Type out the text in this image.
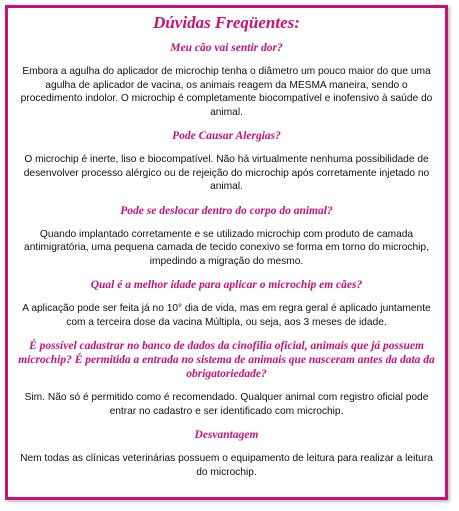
Dúvidas Freqüentes:
Meu cão vai sentir dor?
Embora a agulha do aplicador de microchip tenha o diâmetro um pouco maior do que uma agulha de aplicador de vacina, os animais reagem da MESMA maneira, sendo o procedimento indolor. O microchip é completamente biocompatível e inofensivo à saúde do animal.
Pode Causar Alergias?
O microchip é inerte, liso e biocompatível. Não há virtualmente nenhuma possibilidade de desenvolver processo alérgico ou de rejeição do microchip após corretamente injetado no animal.
Pode se deslocar dentro do corpo do animal?
Quando implantado corretamente e se utilizado microchip com produto de camada antimigratória, uma pequena camada de tecido conexivo se forma em torno do microchip, impedindo a migração do mesmo.
Qual é a melhor idade para aplicar o microchip em cães?
A aplicação pode ser feita já no 10° dia de vida, mas em regra geral é aplicado juntamente com a terceira dose da vacina Múltipla, ou seja, aos 3 meses de idade.
É possível cadastrar no banco de dados da cinofilia oficial, animais que já possuem microchip? É permitida a entrada no sistema de animais que nasceram antes da data da obrigatoriedade?
Sim. Não só é permitido como é recomendado. Qualquer animal com registro oficial pode entrar no cadastro e ser identificado com microchip.
Desvantagem
Nem todas as clínicas veterinárias possuem o equipamento de leitura para realizar a leitura do microchip.
